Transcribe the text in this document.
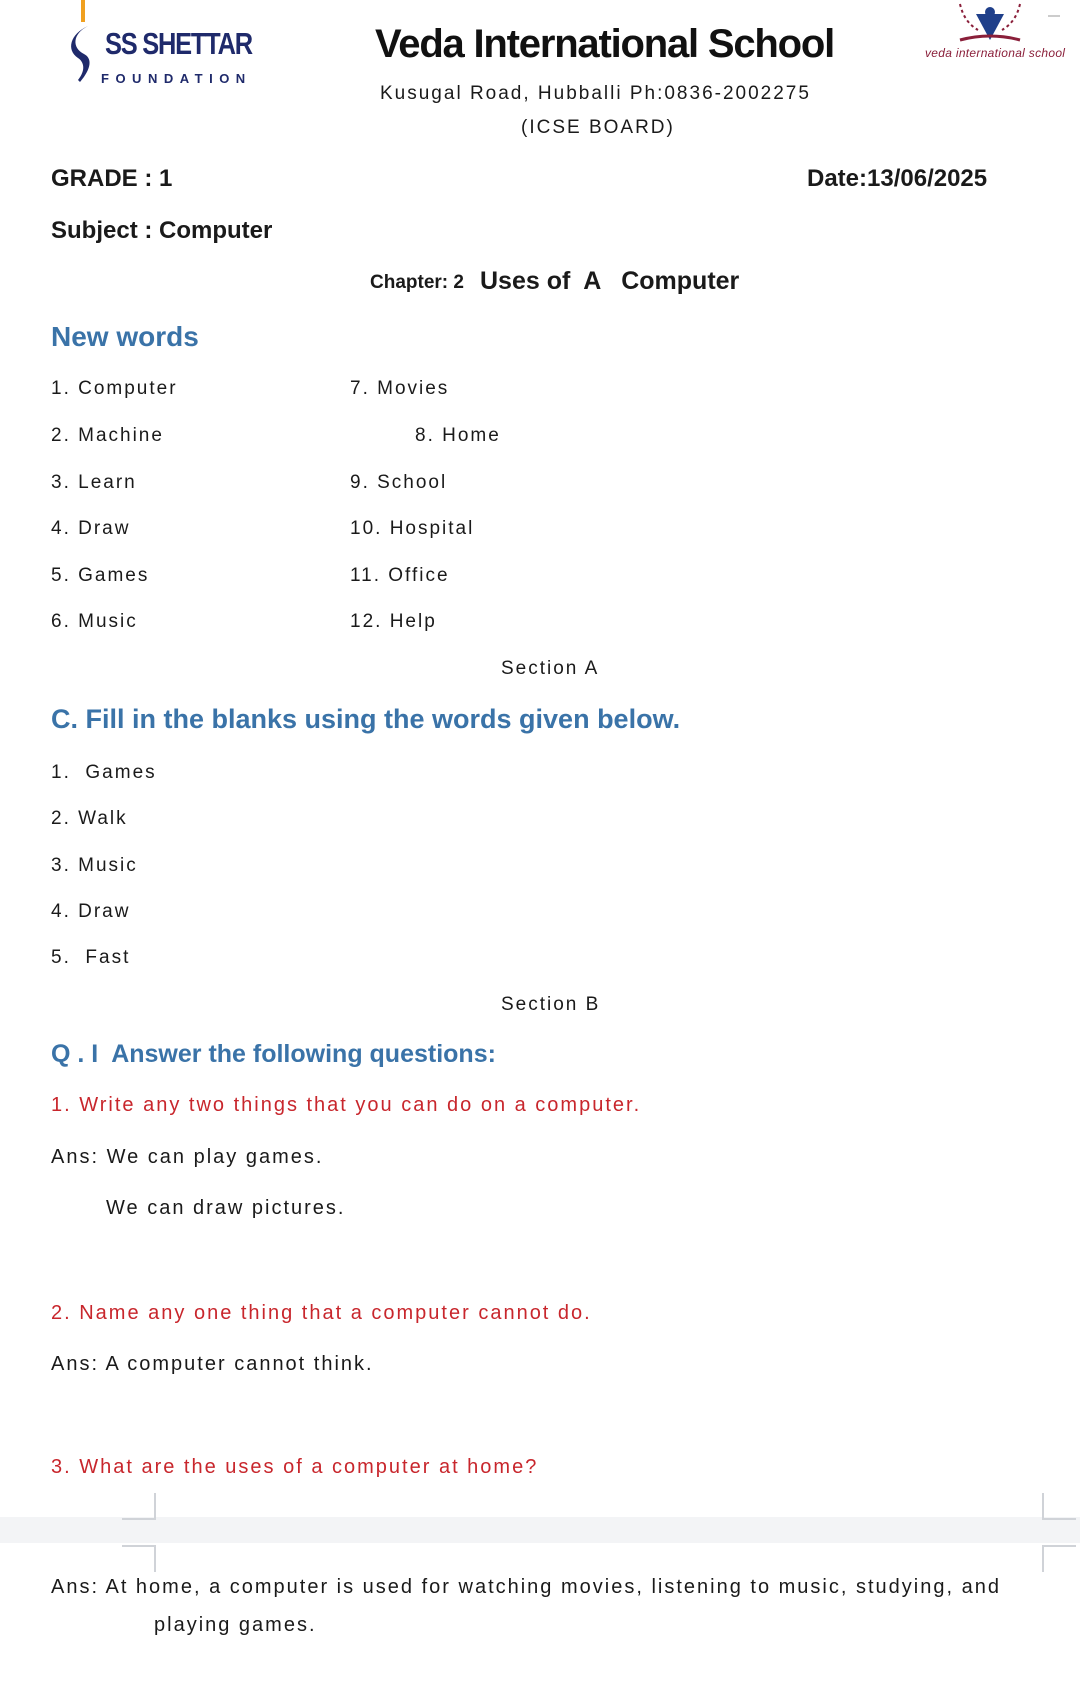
SS SHETTAR
FOUNDATION
Veda International School
Kusugal Road, Hubballi Ph:0836-2002275
(ICSE BOARD)
veda international school
GRADE : 1	Date:13/06/2025
Subject : Computer
Chapter: 2 Uses of  A   Computer
New words
1. Computer
2. Machine
3. Learn
4. Draw
5. Games
6. Music
7. Movies
8. Home
9. School
10. Hospital
11. Office
12. Help
Section A
C. Fill in the blanks using the words given below.
1.  Games
2. Walk
3. Music
4. Draw
5.  Fast
Section B
Q . I  Answer the following questions:
1. Write any two things that you can do on a computer.
Ans: We can play games.
We can draw pictures.
2. Name any one thing that a computer cannot do.
Ans: A computer cannot think.
3. What are the uses of a computer at home?
Ans: At home, a computer is used for watching movies, listening to music, studying, and
playing games.
